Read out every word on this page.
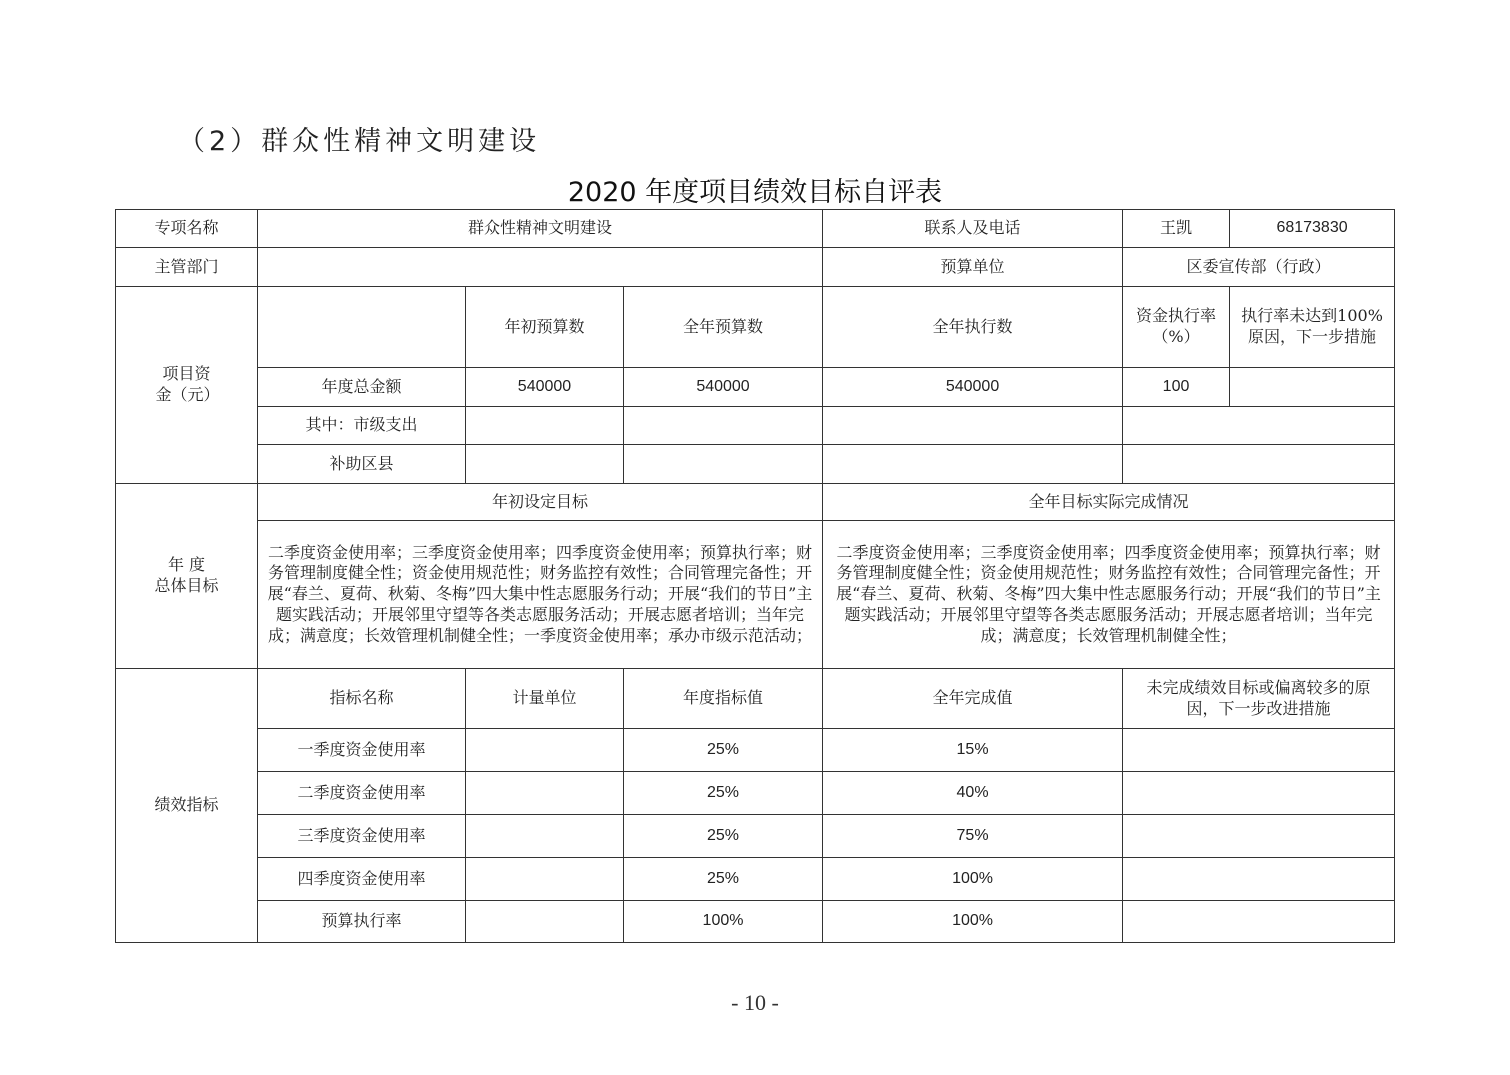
（2）群众性精神文明建设
2020 年度项目绩效目标自评表
专项名称	群众性精神文明建设			联系人及电话	王凯	68173830
主管部门				预算单位	区委宣传部（行政）	
项目资金（元）		年初预算数	全年预算数	全年执行数	资金执行率（%）	执行率未达到100% 原因，下一步措施
	年度总金额	540000	540000	540000	100	
	其中：市级支出					
	补助区县					

年 度
总体目标	年初设定目标			全年目标实际完成情况		
	二季度资金使用率；三季度资金使用率；四季度资金使用率；预算执行率；财务管理制度健全性；资金使用规范性；财务监控有效性；合同管理完备性；开展“春兰、夏荷、秋菊、冬梅”四大集中性志愿服务行动；开展“我们的节日”主题实践活动；开展邻里守望等各类志愿服务活动；开展志愿者培训；当年完成；满意度；长效管理机制健全性；一季度资金使用率；承办市级示范活动；			二季度资金使用率；三季度资金使用率；四季度资金使用率；预算执行率；财务管理制度健全性；资金使用规范性；财务监控有效性；合同管理完备性；开展“春兰、夏荷、秋菊、冬梅”四大集中性志愿服务行动；开展“我们的节日”主题实践活动；开展邻里守望等各类志愿服务活动；开展志愿者培训；当年完成；满意度；长效管理机制健全性；		
绩效指标	指标名称	计量单位	年度指标值	全年完成值	未完成绩效目标或偏离较多的原因，下一步改进措施	
	一季度资金使用率		25%	15%		
	二季度资金使用率		25%	40%		
	三季度资金使用率		25%	75%		
	四季度资金使用率		25%	100%		
	预算执行率		100%	100%		
- 10 -
